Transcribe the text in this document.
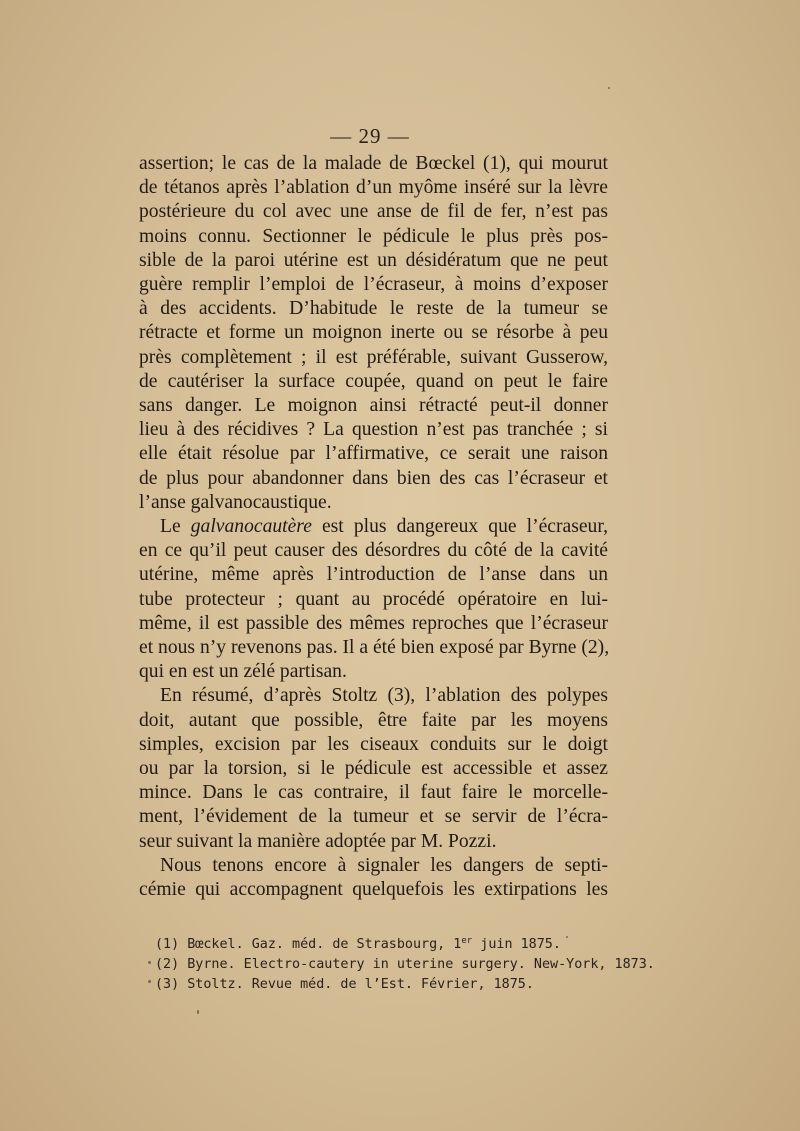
— 29 —
assertion; le cas de la malade de Bœckel (1), qui mourut
de tétanos après l’ablation d’un myôme inséré sur la lèvre
postérieure du col avec une anse de fil de fer, n’est pas
moins connu. Sectionner le pédicule le plus près pos-
sible de la paroi utérine est un désidératum que ne peut
guère remplir l’emploi de l’écraseur, à moins d’exposer
à des accidents. D’habitude le reste de la tumeur se
rétracte et forme un moignon inerte ou se résorbe à peu
près complètement ; il est préférable, suivant Gusserow,
de cautériser la surface coupée, quand on peut le faire
sans danger. Le moignon ainsi rétracté peut-il donner
lieu à des récidives ? La question n’est pas tranchée ; si
elle était résolue par l’affirmative, ce serait une raison
de plus pour abandonner dans bien des cas l’écraseur et
l’anse galvanocaustique.
Le galvanocautère est plus dangereux que l’écraseur,
en ce qu’il peut causer des désordres du côté de la cavité
utérine, même après l’introduction de l’anse dans un
tube protecteur ; quant au procédé opératoire en lui-
même, il est passible des mêmes reproches que l’écraseur
et nous n’y revenons pas. Il a été bien exposé par Byrne (2),
qui en est un zélé partisan.
En résumé, d’après Stoltz (3), l’ablation des polypes
doit, autant que possible, être faite par les moyens
simples, excision par les ciseaux conduits sur le doigt
ou par la torsion, si le pédicule est accessible et assez
mince. Dans le cas contraire, il faut faire le morcelle-
ment, l’évidement de la tumeur et se servir de l’écra-
seur suivant la manière adoptée par M. Pozzi.
Nous tenons encore à signaler les dangers de septi-
cémie qui accompagnent quelquefois les extirpations les
(1) Bœckel. Gaz. méd. de Strasbourg, 1er juin 1875.
(2) Byrne. Electro-cautery in uterine surgery. New-York, 1873.
(3) Stoltz. Revue méd. de l’Est. Février, 1875.
